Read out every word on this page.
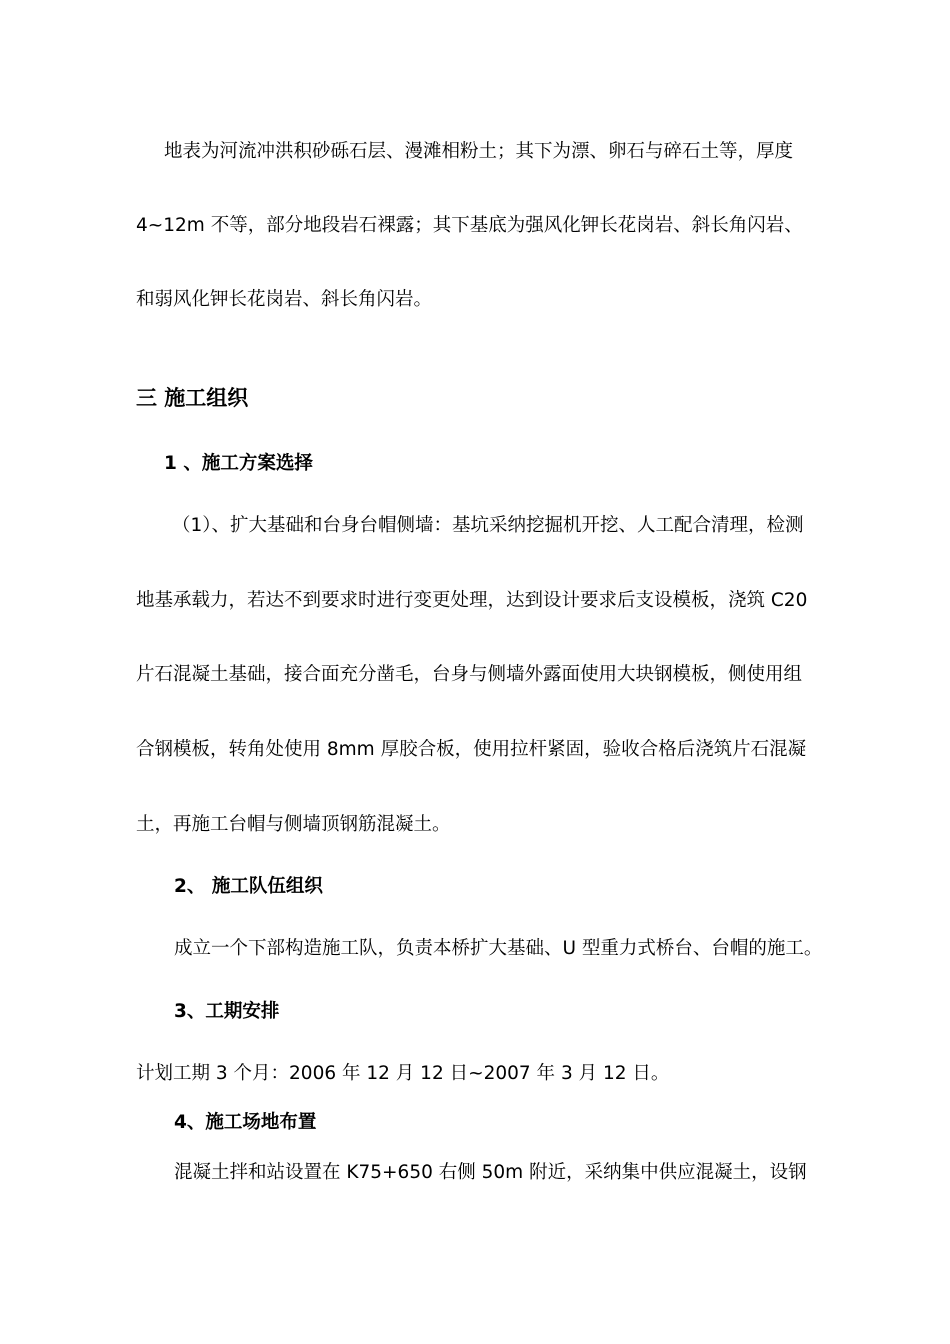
地表为河流冲洪积砂砾石层、漫滩相粉土；其下为漂、卵石与碎石土等，厚度
4~12m 不等，部分地段岩石裸露；其下基底为强风化钾长花岗岩、斜长角闪岩、
和弱风化钾长花岗岩、斜长角闪岩。
三 施工组织
1 、施工方案选择
（1）、扩大基础和台身台帽侧墙：基坑采纳挖掘机开挖、人工配合清理，检测
地基承载力，若达不到要求时进行变更处理，达到设计要求后支设模板，浇筑 C20
片石混凝土基础，接合面充分凿毛，台身与侧墙外露面使用大块钢模板，侧使用组
合钢模板，转角处使用 8mm 厚胶合板，使用拉杆紧固，验收合格后浇筑片石混凝
土，再施工台帽与侧墙顶钢筋混凝土。
2、 施工队伍组织
成立一个下部构造施工队，负责本桥扩大基础、U 型重力式桥台、台帽的施工。
3、工期安排
计划工期 3 个月：2006 年 12 月 12 日~2007 年 3 月 12 日。
4、施工场地布置
混凝土拌和站设置在 K75+650 右侧 50m 附近，采纳集中供应混凝土，设钢
